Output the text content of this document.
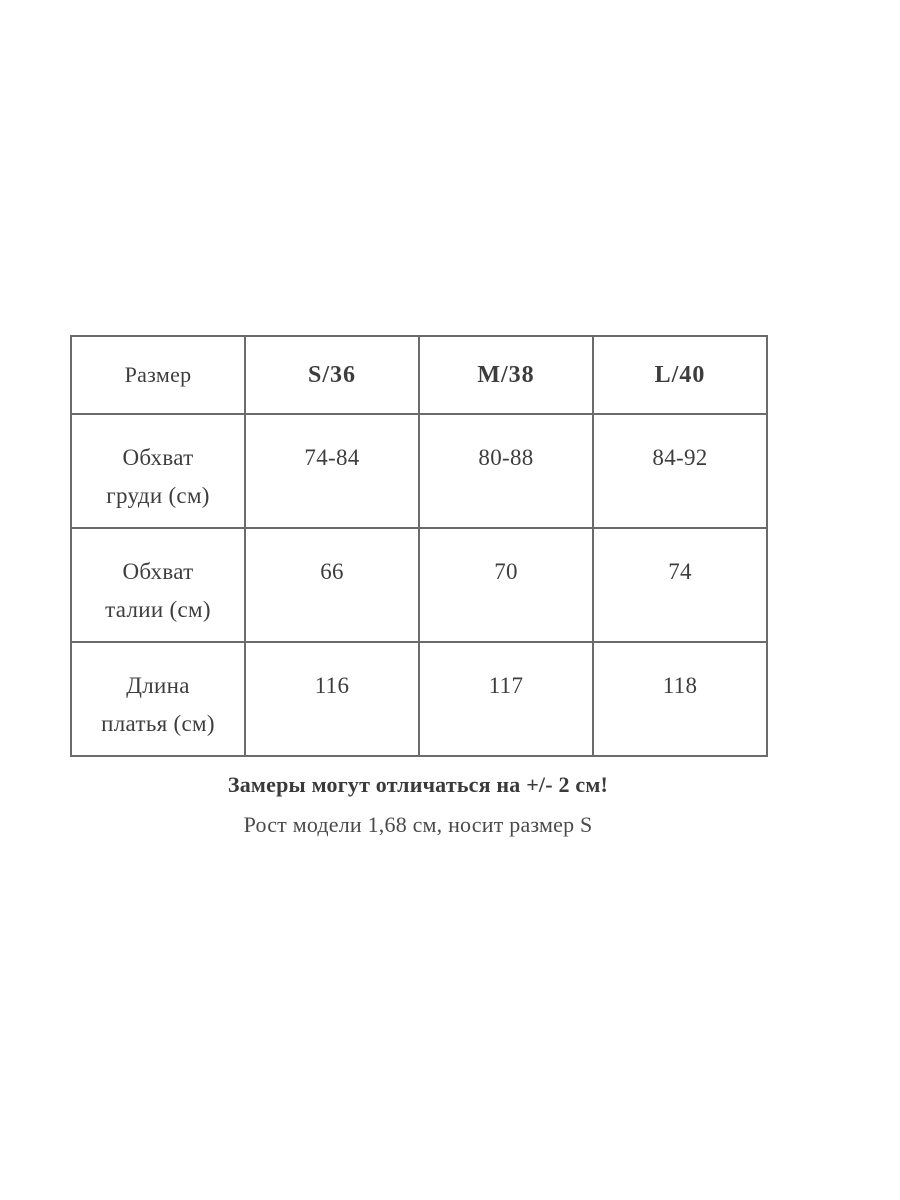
Размер	S/36	M/38	L/40

Обхват
груди (см)	74-84	80-88	84-92

Обхват
талии (см)	66	70	74

Длина
платья (см)	116	117	118
Замеры могут отличаться на +/- 2 см!
Рост модели 1,68 см, носит размер S
